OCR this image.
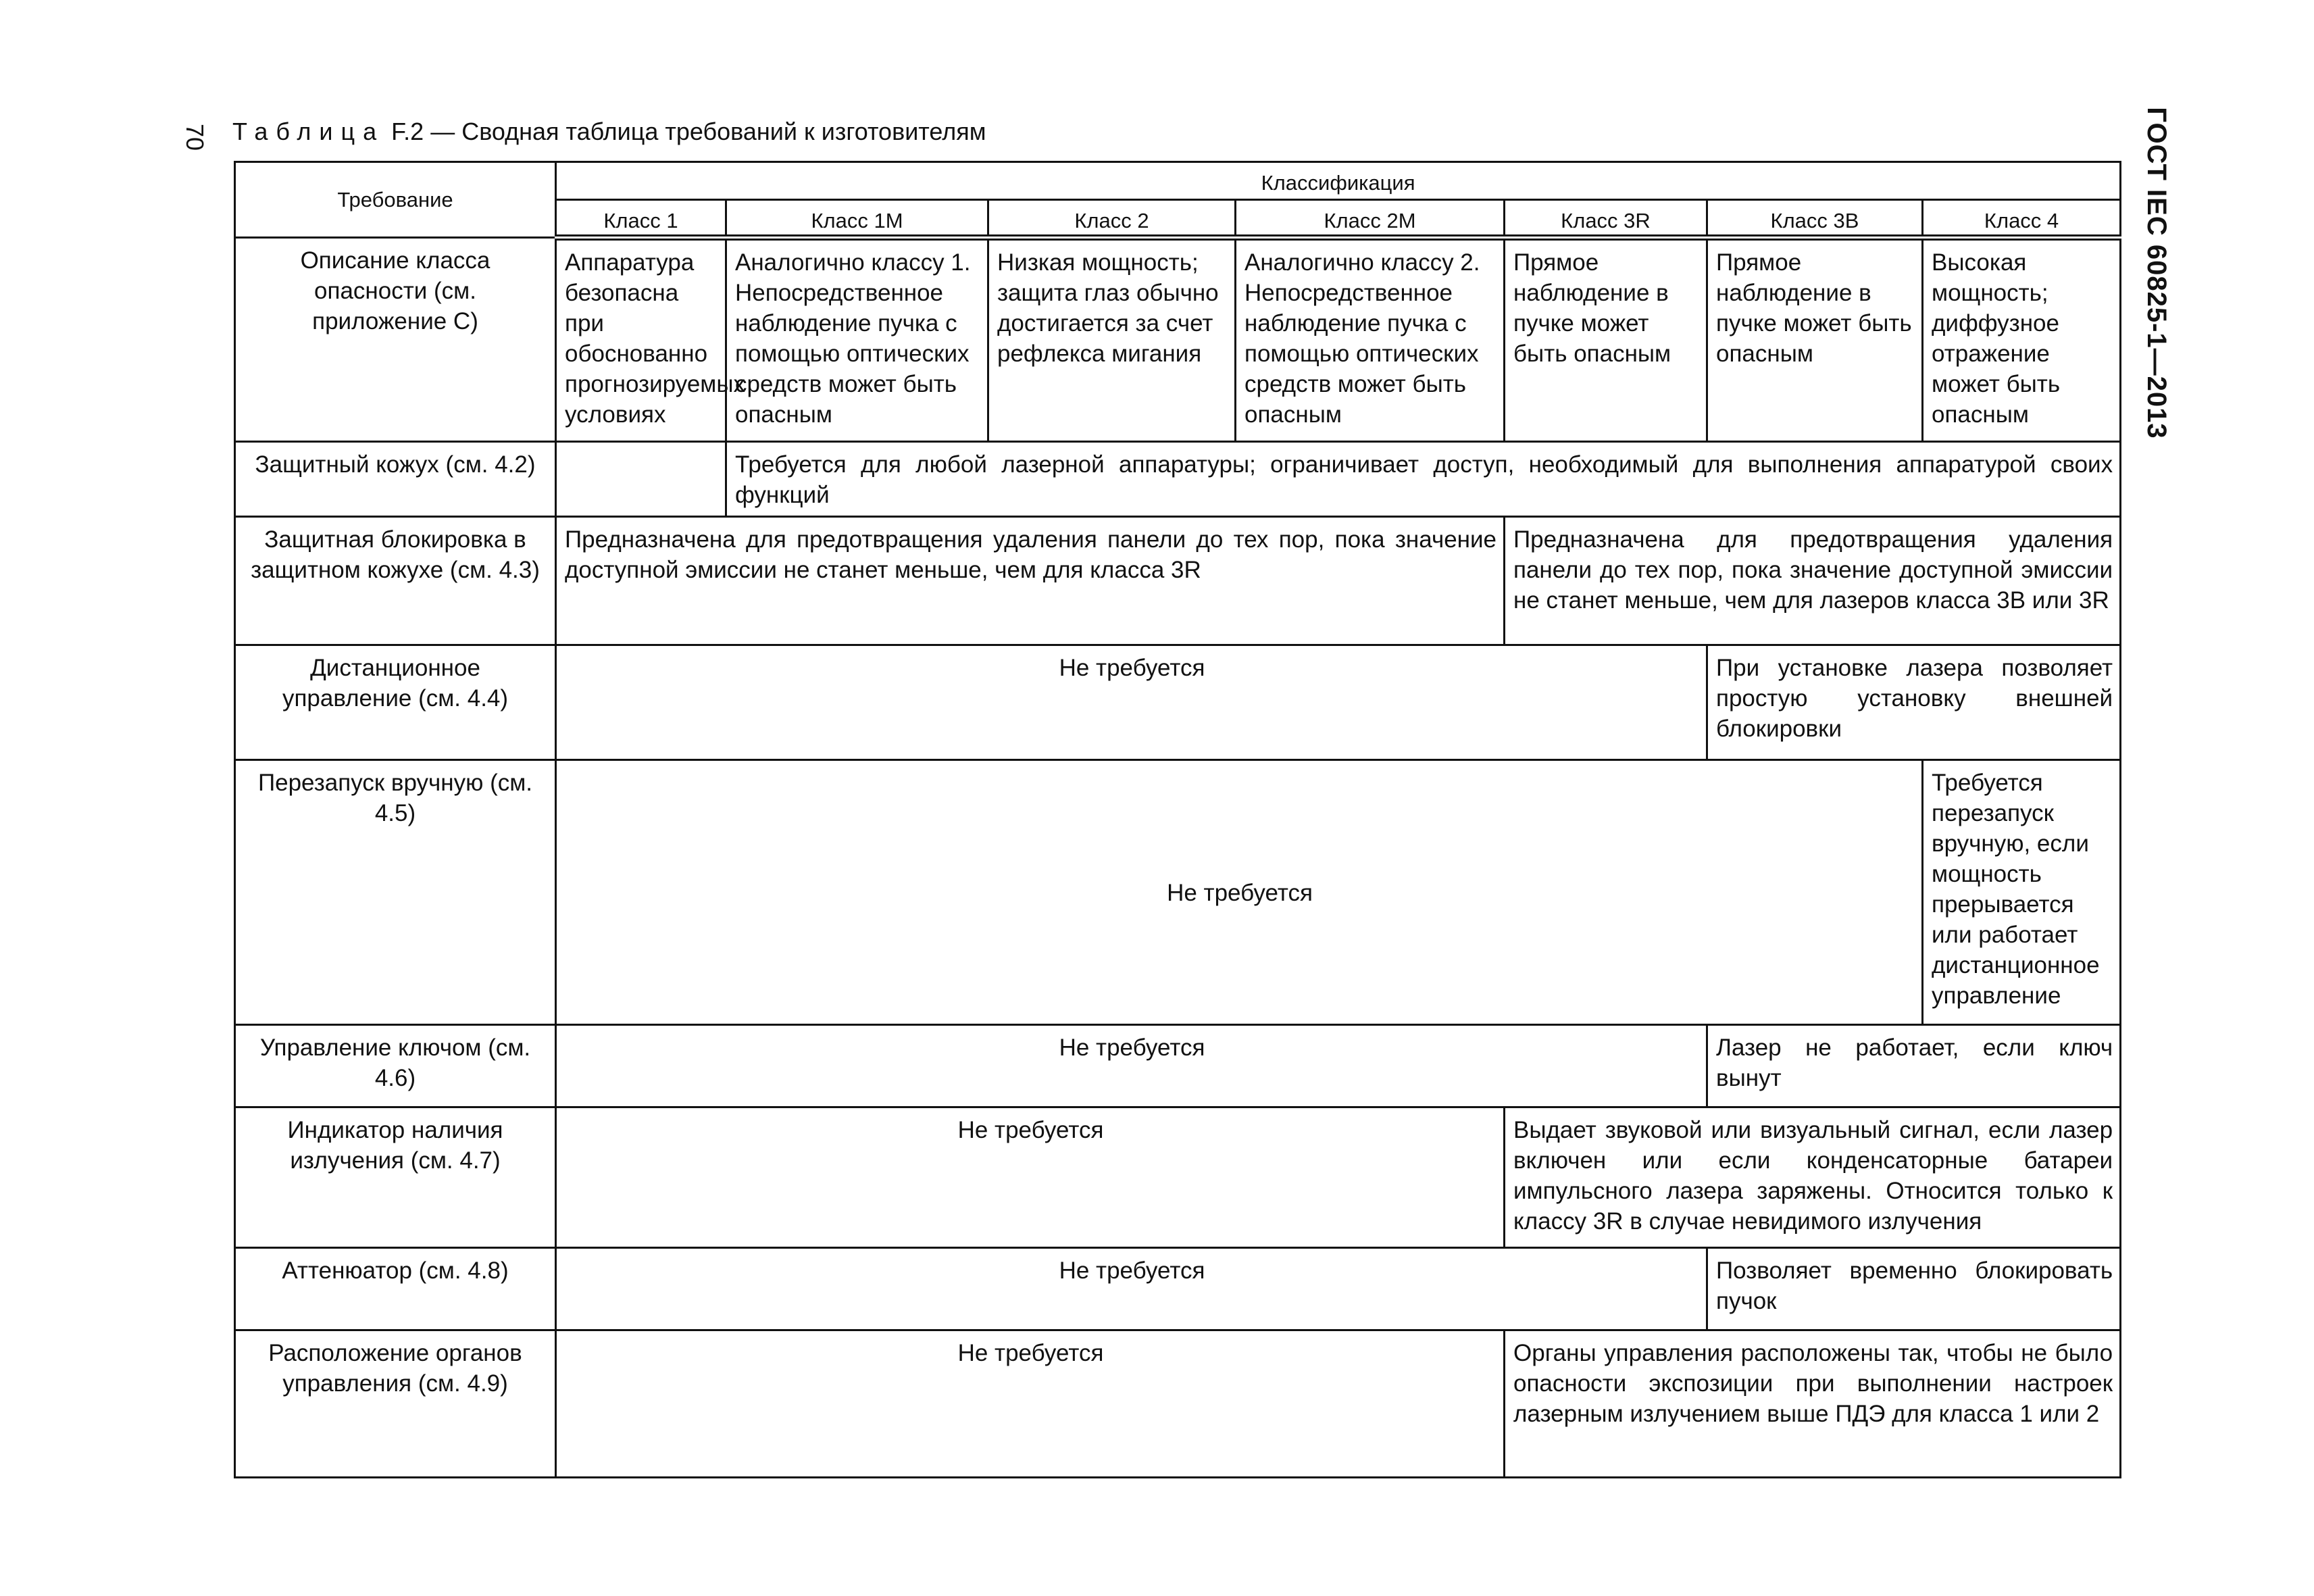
70	ГОСТ IEC 60825-1—2013
Таблица F.2 — Сводная таблица требований к изготовителям
Требование	Классификация						
	Класс 1	Класс 1М	Класс 2	Класс 2М	Класс 3R	Класс 3В	Класс 4
Описание класса опасности (см. приложение С)	Аппаратура безопасна при обоснованно прогнозируемых условиях	Аналогично классу 1. Непосредственное наблюдение пучка с помощью оптических средств может быть опасным	Низкая мощность; защита глаз обычно достигается за счет рефлекса мигания	Аналогично классу 2. Непосредственное наблюдение пучка с помощью оптических средств может быть опасным	Прямое наблюдение в пучке может быть опасным	Прямое наблюдение в пучке может быть опасным	Высокая мощность; диффузное отражение может быть опасным
Защитный кожух (см. 4.2)		Требуется для любой лазерной аппаратуры; ограничивает доступ, необходимый для выполнения аппаратурой своих функций					
Защитная блокировка в защитном кожухе (см. 4.3)	Предназначена для предотвращения удаления панели до тех пор, пока значение доступной эмиссии не станет меньше, чем для класса 3R				Предназначена для предотвращения удаления панели до тех пор, пока значение доступной эмиссии не станет меньше, чем для лазеров класса 3В или 3R		
Дистанционное управление (см. 4.4)	Не требуется					При установке лазера позволяет простую установку внешней блокировки	
Перезапуск вручную (см. 4.5)	Не требуется						Требуется перезапуск вручную, если мощность прерывается или работает дистанционное управление
Управление ключом (см. 4.6)	Не требуется					Лазер не работает, если ключ вынут	
Индикатор наличия излучения (см. 4.7)	Не требуется				Выдает звуковой или визуальный сигнал, если лазер включен или если конденсаторные батареи импульсного лазера заряжены. Относится только к классу 3R в случае невидимого излучения		
Аттенюатор (см. 4.8)	Не требуется					Позволяет временно блокировать пучок	
Расположение органов управления (см. 4.9)	Не требуется				Органы управления расположены так, чтобы не было опасности экспозиции при выполнении настроек лазерным излучением выше ПДЭ для класса 1 или 2		
